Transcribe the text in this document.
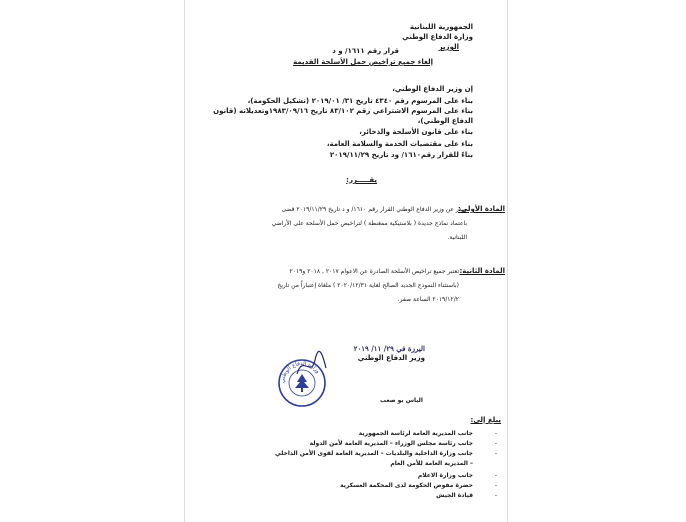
الجمهورية اللبنانية
وزارة الدفاع الوطني
الوزير
قرار رقم ١٦١١/ و د
إلغاء جميع تراخيص حمل الأسلحة القديمة
إن وزير الدفاع الوطني،
بناء على المرسوم رقم ٤٣٤٠ تاريخ ٣١/ ٢٠١٩/٠١ (تشكيل الحكومة)،
بناء على المرسوم الاشتراعي رقم ٨٣/١٠٢ تاريخ ١٩٨٣/٠٩/١٦وتعديلاته (قانون
الدفاع الوطني)،
بناء على قانون الأسلحة والذخائر،
بناء على مقتضيات الخدمة والسلامة العامة،
بناءً للقرار رقم١٦١٠/ ود تاريخ ٢٠١٩/١١/٢٩
يقـــــرر:
المادة الأولى:
صدر عن وزير الدفاع الوطني القرار رقم ١٦١٠/ و د تاريخ ٢٠١٩/١١/٢٩ قضى
باعتماد نماذج جديدة ( بلاستيكية ممغنطة ) لتراخيص حمل الأسلحة على الأراضي
اللبنانية.
المادة الثانية:
تعتبر جميع تراخيص الأسلحة الصادرة عن الاعوام ٢٠١٧ , ٢٠١٨ و٢٠١٩
(باستثناء النموذج الجديد الصالح لغاية ٢٠٢٠/١٢/٣١ ) ملغاة إعتباراً من تاريخ
٢٠١٩/١٢/٢ الساعة صفر.
اليرزة في ٢٩/ ١١/ ٢٠١٩
وزير الدفاع الوطني
الياس بو صعب
وزارة الدفاع الوطني
يبلغ إلى:
جانب المديرية العامة لرئاسة الجمهورية
جانب رئاسة مجلس الوزراء – المديرية العامة لأمن الدولة
جانب وزارة الداخلية والبلديات – المديرية العامة لقوى الأمن الداخلي
– المديرية العامة للأمن العام
جانب وزارة الاعلام
حضرة مفوض الحكومة لدى المحكمة العسكرية
قيادة الجيش
-
-
-
-
-
-
